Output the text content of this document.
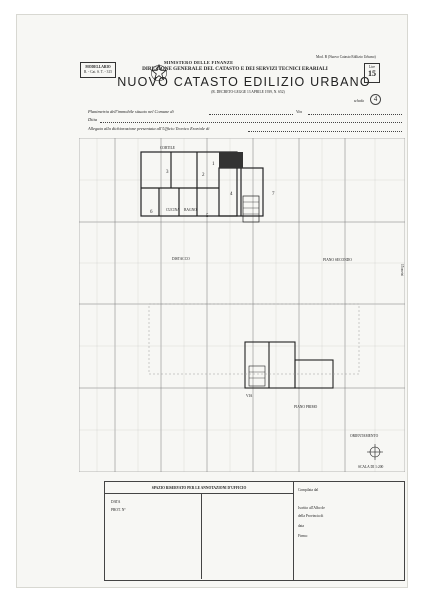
MODELLARIO
R. - Cat. S. T. - 315
MINISTERO DELLE FINANZE
DIREZIONE GENERALE DEL CATASTO E DEI SERVIZI TECNICI ERARIALI
NUOVO CATASTO EDILIZIO URBANO
(R. DECRETO-LEGGE 13 APRILE 1939, N. 652)
Mod. B (Nuovo Catasto Edilizio Urbano)
Lire
15
scheda	4
Planimetria dell'immobile situato nel Comune di	Via
Ditta
Allegata alla dichiarazione presentata all'Ufficio Tecnico Erariale di
CORTILE
BAGNO
CUCINA
DISTACCO	PIANO SECONDO
PIANO PRIMO
VIA
1
2
3
4
5
6
7
15 metri
ORIENTAMENTO
SCALA DI 1:200
SPAZIO RISERVATO PER LE ANNOTAZIONI D'UFFICIO
DATA
PROT. N°
Compilata dal
Iscritto all'Albo de
della Provincia di
data
Firma:
